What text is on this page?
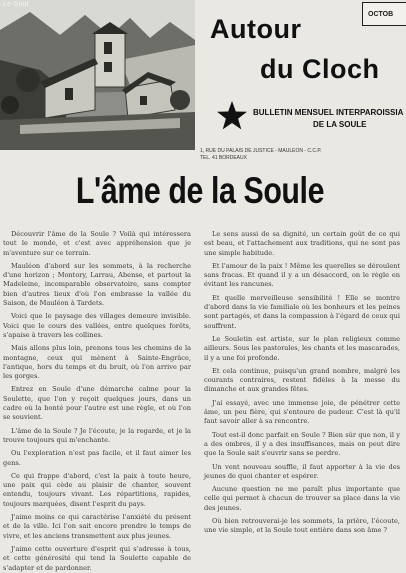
Le-Sout
Autour
du Cloch
OCTOB
BULLETIN MENSUEL INTERPAROISSIA
DE LA SOULE
1, RUE DU PALAIS DE JUSTICE - MAULEON - C.C.P.
TEL. 41 BORDEAUX
L'âme de la Soule

Découvrir l'âme de la Soule ? Voilà qui intéressera tout le monde, et c'est avec appréhension que je m'aventure sur ce terrain.

Mauléon d'abord sur les sommets, à la recherche d'une horizon ; Montory, Larrau, Abense, et partout la Madeleine, incomparable observatoire, sans compter bien d'autres lieux d'où l'on embrasse la vallée du Saison, de Mauléon à Tardets.

Voici que le paysage des villages demeure invisible. Voici que le cours des vallées, entre quelques forêts, s'apaise à travers les collines.

Mais allons plus loin, prenons tous les chemins de la montagne, ceux qui mènent à Sainte-Engrâce, l'antique, hors du temps et du bruit, où l'on arrive par les gorges.

Entrez en Soule d'une démarche calme pour la Soulette, que l'on y reçoit quelques jours, dans un cadre où la bonté pour l'autre est une règle, et où l'on se souvient.

L'âme de la Soule ? Je l'écoute, je la regarde, et je la trouve toujours qui m'enchante.

Ou l'exploration n'est pas facile, et il faut aimer les gens.

Ce qui frappe d'abord, c'est la paix à toute heure, une paix qui cède au plaisir de chanter, souvent entendu, toujours vivant. Les répartitions, rapides, toujours marquées, disent l'esprit du pays.

J'aime moins ce qui caractérise l'anxiété du présent et de la ville. Ici l'on sait encore prendre le temps de vivre, et les anciens transmettent aux plus jeunes.

J'aime cette ouverture d'esprit qui s'adresse à tous, et cette générosité qui tend la Soulette capable de s'adapter et de pardonner.

Le sens aussi de sa dignité, un certain goût de ce qui est beau, et l'attachement aux traditions, qui ne sont pas une simple habitude.

Et l'amour de la paix ! Même les querelles se déroulent sans fracas. Et quand il y a un désaccord, on le règle en évitant les rancunes.

Et quelle merveilleuse sensibilité ! Elle se montre d'abord dans la vie familiale où les bonheurs et les peines sont partagés, et dans la compassion à l'égard de ceux qui souffrent.

Le Souletin est artiste, sur le plan religieux comme ailleurs. Sous les pastorales, les chants et les mascarades, il y a une foi profonde.

Et cela continue, puisqu'un grand nombre, malgré les courants contraires, restent fidèles à la messe du dimanche et aux grandes fêtes.

J'ai essayé, avec une immense joie, de pénétrer cette âme, un peu fière, qui s'entoure de pudeur. C'est là qu'il faut savoir aller à sa rencontre.

Tout est-il donc parfait en Soule ? Bien sûr que non, il y a des ombres, il y a des insuffisances, mais on peut dire que la Soule sait s'ouvrir sans se perdre.

Un vent nouveau souffle, il faut apporter à la vie des jeunes de quoi chanter et espérer.

Aucune question ne me paraît plus importante que celle qui permet à chacun de trouver sa place dans la vie des jeunes.

Où bien retrouverai-je les sommets, la prière, l'écoute, une vie simple, et la Soule tout entière dans son âme ?
